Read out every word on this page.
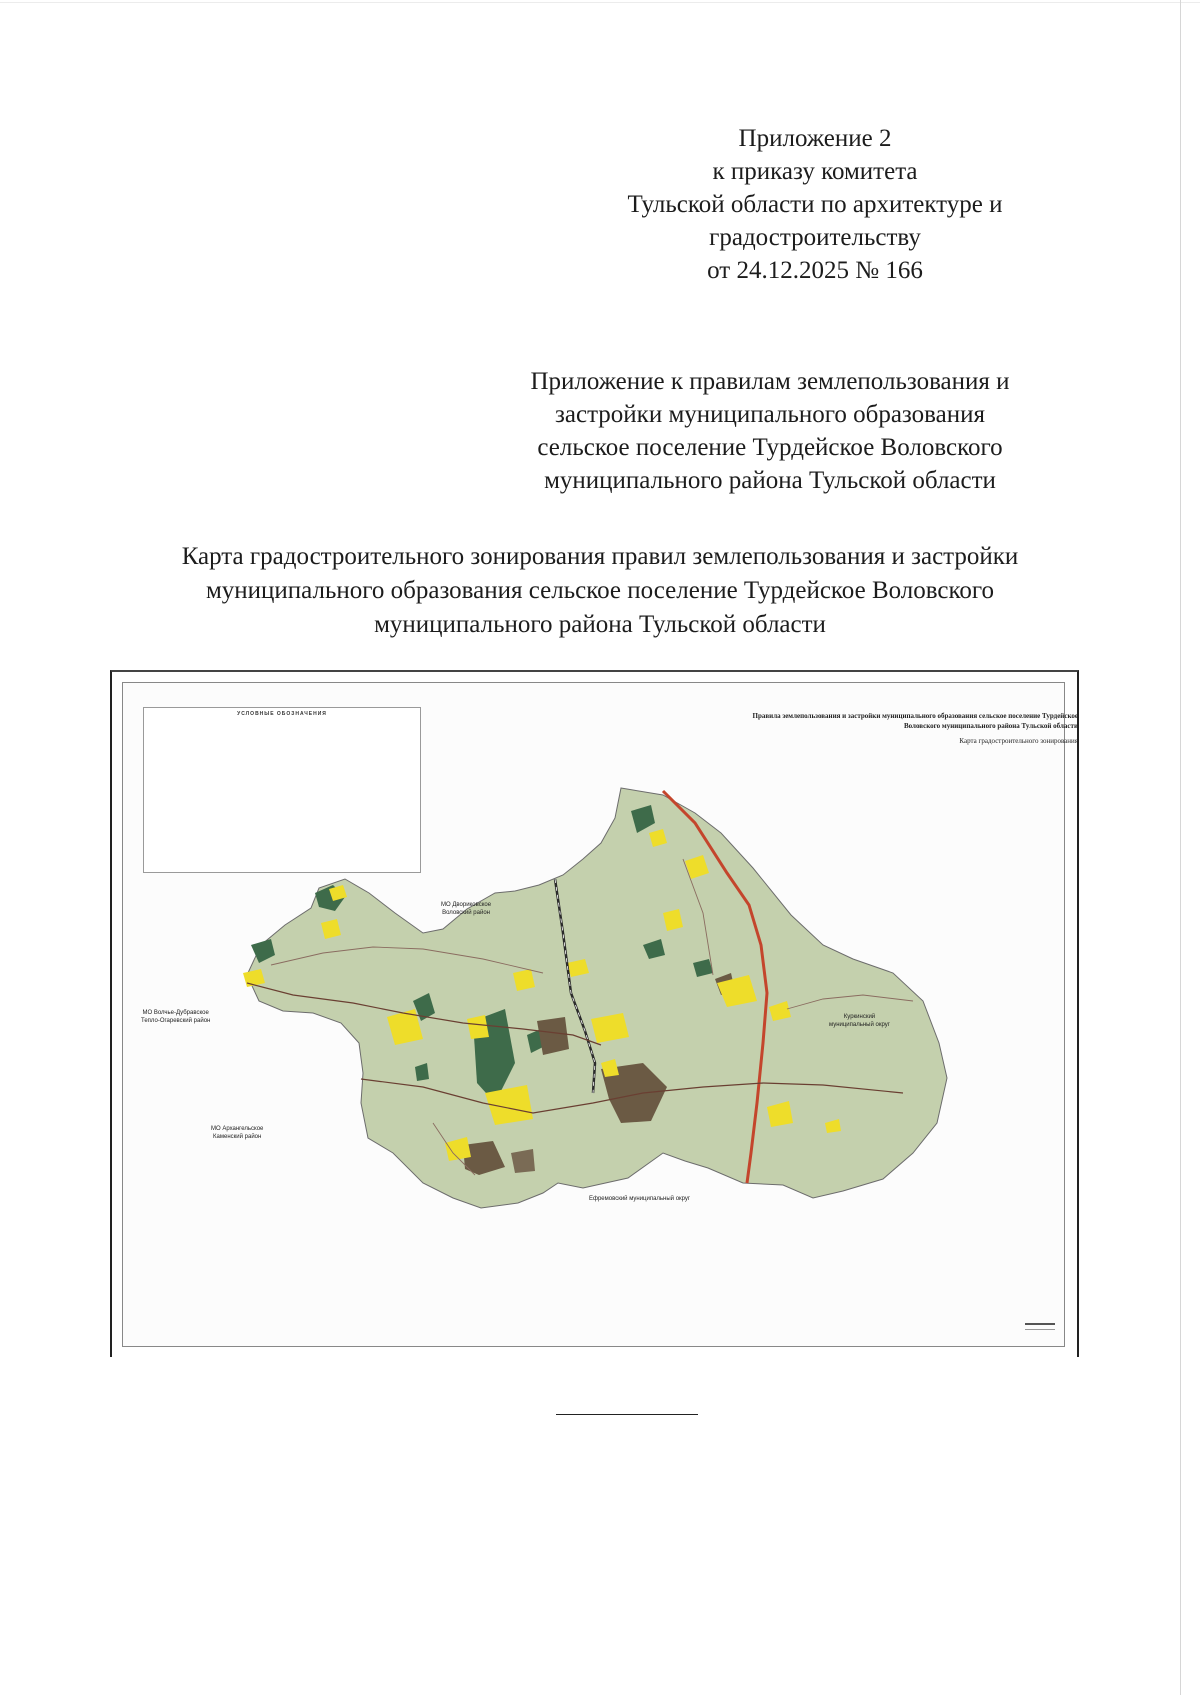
Приложение 2
к приказу комитета
Тульской области по архитектуре и
градостроительству
от 24.12.2025 № 166
Приложение к правилам землепользования и
застройки муниципального образования
сельское поселение Турдейское Воловского
муниципального района Тульской области
Карта градостроительного зонирования правил землепользования и застройки
муниципального образования сельское поселение Турдейское Воловского
муниципального района Тульской области
УСЛОВНЫЕ ОБОЗНАЧЕНИЯ	Правила землепользования и застройки муниципального образования сельское поселение Турдейское
Воловского муниципального района Тульской области
Карта градостроительного зонирования
МО Двориковское
Воловский район
МО Волчье-Дубравское
Тепло-Огаревский район
МО Архангельское
Каменский район
Ефремовский муниципальный округ
Куркинский
муниципальный округ
